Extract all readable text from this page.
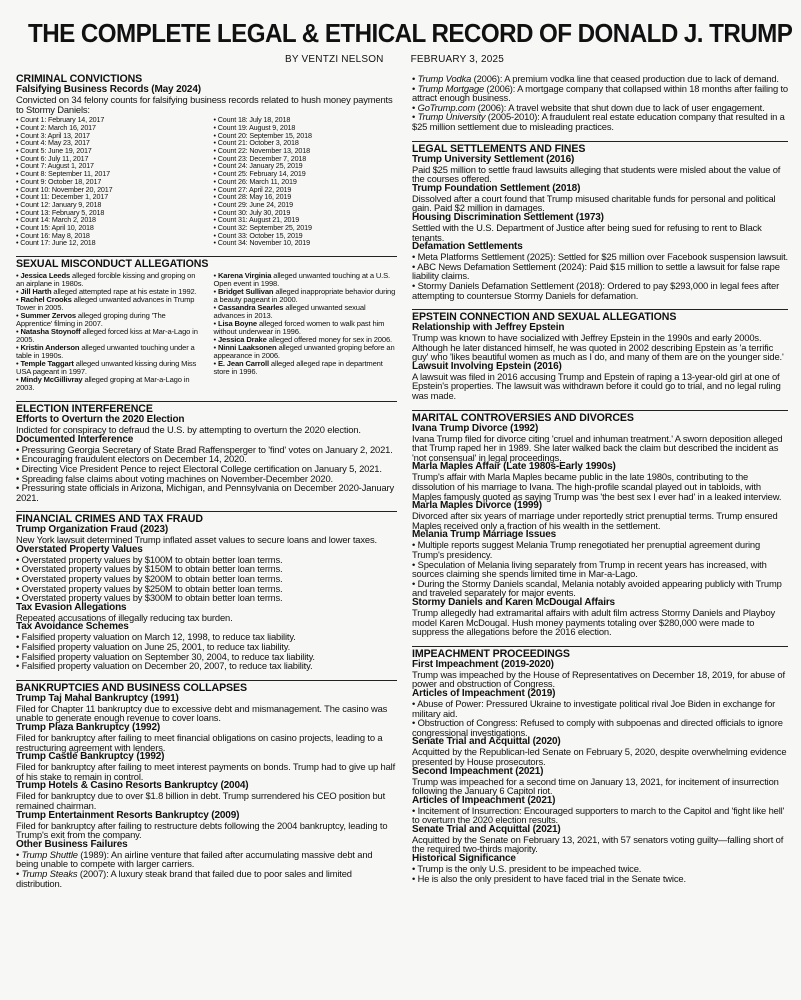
THE COMPLETE LEGAL & ETHICAL RECORD OF DONALD J. TRUMP
BY VENTZI NELSON	FEBRUARY 3, 2025
CRIMINAL CONVICTIONS
Falsifying Business Records (May 2024)
Convicted on 34 felony counts for falsifying business records related to hush money payments to Stormy Daniels:
• Count 1: February 14, 2017
• Count 2: March 16, 2017
• Count 3: April 13, 2017
• Count 4: May 23, 2017
• Count 5: June 19, 2017
• Count 6: July 11, 2017
• Count 7: August 1, 2017
• Count 8: September 11, 2017
• Count 9: October 18, 2017
• Count 10: November 20, 2017
• Count 11: December 1, 2017
• Count 12: January 9, 2018
• Count 13: February 5, 2018
• Count 14: March 2, 2018
• Count 15: April 10, 2018
• Count 16: May 8, 2018
• Count 17: June 12, 2018
• Count 18: July 18, 2018
• Count 19: August 9, 2018
• Count 20: September 15, 2018
• Count 21: October 3, 2018
• Count 22: November 13, 2018
• Count 23: December 7, 2018
• Count 24: January 25, 2019
• Count 25: February 14, 2019
• Count 26: March 11, 2019
• Count 27: April 22, 2019
• Count 28: May 16, 2019
• Count 29: June 24, 2019
• Count 30: July 30, 2019
• Count 31: August 21, 2019
• Count 32: September 25, 2019
• Count 33: October 15, 2019
• Count 34: November 10, 2019
SEXUAL MISCONDUCT ALLEGATIONS
• Jessica Leeds alleged forcible kissing and groping on an airplane in 1980s.
• Jill Harth alleged attempted rape at his estate in 1992.
• Rachel Crooks alleged unwanted advances in Trump Tower in 2005.
• Summer Zervos alleged groping during 'The Apprentice' filming in 2007.
• Natasha Stoynoff alleged forced kiss at Mar-a-Lago in 2005.
• Kristin Anderson alleged unwanted touching under a table in 1990s.
• Temple Taggart alleged unwanted kissing during Miss USA pageant in 1997.
• Mindy McGillivray alleged groping at Mar-a-Lago in 2003.
• Karena Virginia alleged unwanted touching at a U.S. Open event in 1998.
• Bridget Sullivan alleged inappropriate behavior during a beauty pageant in 2000.
• Cassandra Searles alleged unwanted sexual advances in 2013.
• Lisa Boyne alleged forced women to walk past him without underwear in 1996.
• Jessica Drake alleged offered money for sex in 2006.
• Ninni Laaksonen alleged unwanted groping before an appearance in 2006.
• E. Jean Carroll alleged alleged rape in department store in 1996.
ELECTION INTERFERENCE
Efforts to Overturn the 2020 Election
Indicted for conspiracy to defraud the U.S. by attempting to overturn the 2020 election.
Documented Interference
• Pressuring Georgia Secretary of State Brad Raffensperger to 'find' votes on January 2, 2021.
• Encouraging fraudulent electors on December 14, 2020.
• Directing Vice President Pence to reject Electoral College certification on January 5, 2021.
• Spreading false claims about voting machines on November-December 2020.
• Pressuring state officials in Arizona, Michigan, and Pennsylvania on December 2020-January 2021.
FINANCIAL CRIMES AND TAX FRAUD
Trump Organization Fraud (2023)
New York lawsuit determined Trump inflated asset values to secure loans and lower taxes.
Overstated Property Values
• Overstated property values by $100M to obtain better loan terms.
• Overstated property values by $150M to obtain better loan terms.
• Overstated property values by $200M to obtain better loan terms.
• Overstated property values by $250M to obtain better loan terms.
• Overstated property values by $300M to obtain better loan terms.
Tax Evasion Allegations
Repeated accusations of illegally reducing tax burden.
Tax Avoidance Schemes
• Falsified property valuation on March 12, 1998, to reduce tax liability.
• Falsified property valuation on June 25, 2001, to reduce tax liability.
• Falsified property valuation on September 30, 2004, to reduce tax liability.
• Falsified property valuation on December 20, 2007, to reduce tax liability.
BANKRUPTCIES AND BUSINESS COLLAPSES
Trump Taj Mahal Bankruptcy (1991)
Filed for Chapter 11 bankruptcy due to excessive debt and mismanagement. The casino was unable to generate enough revenue to cover loans.
Trump Plaza Bankruptcy (1992)
Filed for bankruptcy after failing to meet financial obligations on casino projects, leading to a restructuring agreement with lenders.
Trump Castle Bankruptcy (1992)
Filed for bankruptcy after failing to meet interest payments on bonds. Trump had to give up half of his stake to remain in control.
Trump Hotels & Casino Resorts Bankruptcy (2004)
Filed for bankruptcy due to over $1.8 billion in debt. Trump surrendered his CEO position but remained chairman.
Trump Entertainment Resorts Bankruptcy (2009)
Filed for bankruptcy after failing to restructure debts following the 2004 bankruptcy, leading to Trump's exit from the company.
Other Business Failures
• Trump Shuttle (1989): An airline venture that failed after accumulating massive debt and being unable to compete with larger carriers.
• Trump Steaks (2007): A luxury steak brand that failed due to poor sales and limited distribution.
• Trump Vodka (2006): A premium vodka line that ceased production due to lack of demand.
• Trump Mortgage (2006): A mortgage company that collapsed within 18 months after failing to attract enough business.
• GoTrump.com (2006): A travel website that shut down due to lack of user engagement.
• Trump University (2005-2010): A fraudulent real estate education company that resulted in a $25 million settlement due to misleading practices.
LEGAL SETTLEMENTS AND FINES
Trump University Settlement (2016)
Paid $25 million to settle fraud lawsuits alleging that students were misled about the value of the courses offered.
Trump Foundation Settlement (2018)
Dissolved after a court found that Trump misused charitable funds for personal and political gain. Paid $2 million in damages.
Housing Discrimination Settlement (1973)
Settled with the U.S. Department of Justice after being sued for refusing to rent to Black tenants.
Defamation Settlements
• Meta Platforms Settlement (2025): Settled for $25 million over Facebook suspension lawsuit.
• ABC News Defamation Settlement (2024): Paid $15 million to settle a lawsuit for false rape liability claims.
• Stormy Daniels Defamation Settlement (2018): Ordered to pay $293,000 in legal fees after attempting to countersue Stormy Daniels for defamation.
EPSTEIN CONNECTION AND SEXUAL ALLEGATIONS
Relationship with Jeffrey Epstein
Trump was known to have socialized with Jeffrey Epstein in the 1990s and early 2000s. Although he later distanced himself, he was quoted in 2002 describing Epstein as 'a terrific guy' who 'likes beautiful women as much as I do, and many of them are on the younger side.'
Lawsuit Involving Epstein (2016)
A lawsuit was filed in 2016 accusing Trump and Epstein of raping a 13-year-old girl at one of Epstein's properties. The lawsuit was withdrawn before it could go to trial, and no legal ruling was made.
MARITAL CONTROVERSIES AND DIVORCES
Ivana Trump Divorce (1992)
Ivana Trump filed for divorce citing 'cruel and inhuman treatment.' A sworn deposition alleged that Trump raped her in 1989. She later walked back the claim but described the incident as 'not consensual' in legal proceedings.
Marla Maples Affair (Late 1980s-Early 1990s)
Trump's affair with Marla Maples became public in the late 1980s, contributing to the dissolution of his marriage to Ivana. The high-profile scandal played out in tabloids, with Maples famously quoted as saying Trump was 'the best sex I ever had' in a leaked interview.
Marla Maples Divorce (1999)
Divorced after six years of marriage under reportedly strict prenuptial terms. Trump ensured Maples received only a fraction of his wealth in the settlement.
Melania Trump Marriage Issues
• Multiple reports suggest Melania Trump renegotiated her prenuptial agreement during Trump's presidency.
• Speculation of Melania living separately from Trump in recent years has increased, with sources claiming she spends limited time in Mar-a-Lago.
• During the Stormy Daniels scandal, Melania notably avoided appearing publicly with Trump and traveled separately for major events.
Stormy Daniels and Karen McDougal Affairs
Trump allegedly had extramarital affairs with adult film actress Stormy Daniels and Playboy model Karen McDougal. Hush money payments totaling over $280,000 were made to suppress the allegations before the 2016 election.
IMPEACHMENT PROCEEDINGS
First Impeachment (2019-2020)
Trump was impeached by the House of Representatives on December 18, 2019, for abuse of power and obstruction of Congress.
Articles of Impeachment (2019)
• Abuse of Power: Pressured Ukraine to investigate political rival Joe Biden in exchange for military aid.
• Obstruction of Congress: Refused to comply with subpoenas and directed officials to ignore congressional investigations.
Senate Trial and Acquittal (2020)
Acquitted by the Republican-led Senate on February 5, 2020, despite overwhelming evidence presented by House prosecutors.
Second Impeachment (2021)
Trump was impeached for a second time on January 13, 2021, for incitement of insurrection following the January 6 Capitol riot.
Articles of Impeachment (2021)
• Incitement of Insurrection: Encouraged supporters to march to the Capitol and 'fight like hell' to overturn the 2020 election results.
Senate Trial and Acquittal (2021)
Acquitted by the Senate on February 13, 2021, with 57 senators voting guilty—falling short of the required two-thirds majority.
Historical Significance
• Trump is the only U.S. president to be impeached twice.
• He is also the only president to have faced trial in the Senate twice.
